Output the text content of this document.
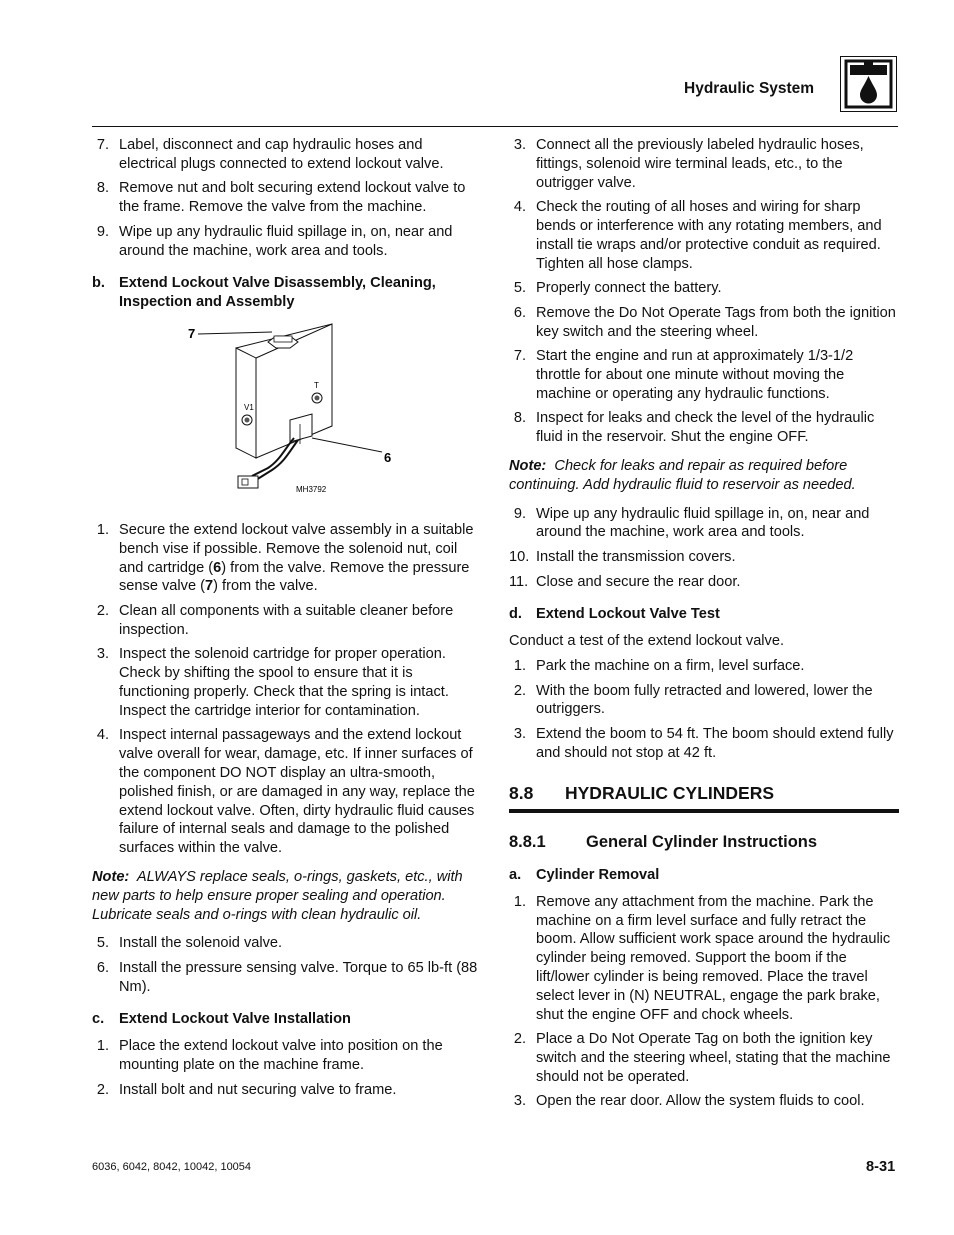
Hydraulic System
7. Label, disconnect and cap hydraulic hoses and electrical plugs connected to extend lockout valve.
8. Remove nut and bolt securing extend lockout valve to the frame. Remove the valve from the machine.
9. Wipe up any hydraulic fluid spillage in, on, near and around the machine, work area and tools.
b. Extend Lockout Valve Disassembly, Cleaning, Inspection and Assembly
7
6
V1
T
MH3792
1. Secure the extend lockout valve assembly in a suitable bench vise if possible. Remove the solenoid nut, coil and cartridge (6) from the valve. Remove the pressure sense valve (7) from the valve.
2. Clean all components with a suitable cleaner before inspection.
3. Inspect the solenoid cartridge for proper operation. Check by shifting the spool to ensure that it is functioning properly. Check that the spring is intact. Inspect the cartridge interior for contamination.
4. Inspect internal passageways and the extend lockout valve overall for wear, damage, etc. If inner surfaces of the component DO NOT display an ultra-smooth, polished finish, or are damaged in any way, replace the extend lockout valve. Often, dirty hydraulic fluid causes failure of internal seals and damage to the polished surfaces within the valve.
Note: ALWAYS replace seals, o-rings, gaskets, etc., with new parts to help ensure proper sealing and operation. Lubricate seals and o-rings with clean hydraulic oil.
5. Install the solenoid valve.
6. Install the pressure sensing valve. Torque to 65 lb-ft (88 Nm).
c. Extend Lockout Valve Installation
1. Place the extend lockout valve into position on the mounting plate on the machine frame.
2. Install bolt and nut securing valve to frame.
3. Connect all the previously labeled hydraulic hoses, fittings, solenoid wire terminal leads, etc., to the outrigger valve.
4. Check the routing of all hoses and wiring for sharp bends or interference with any rotating members, and install tie wraps and/or protective conduit as required. Tighten all hose clamps.
5. Properly connect the battery.
6. Remove the Do Not Operate Tags from both the ignition key switch and the steering wheel.
7. Start the engine and run at approximately 1/3-1/2 throttle for about one minute without moving the machine or operating any hydraulic functions.
8. Inspect for leaks and check the level of the hydraulic fluid in the reservoir. Shut the engine OFF.
Note: Check for leaks and repair as required before continuing. Add hydraulic fluid to reservoir as needed.
9. Wipe up any hydraulic fluid spillage in, on, near and around the machine, work area and tools.
10. Install the transmission covers.
11. Close and secure the rear door.
d. Extend Lockout Valve Test
Conduct a test of the extend lockout valve.
1. Park the machine on a firm, level surface.
2. With the boom fully retracted and lowered, lower the outriggers.
3. Extend the boom to 54 ft. The boom should extend fully and should not stop at 42 ft.
8.8 HYDRAULIC CYLINDERS
8.8.1 General Cylinder Instructions
a. Cylinder Removal
1. Remove any attachment from the machine. Park the machine on a firm level surface and fully retract the boom. Allow sufficient work space around the hydraulic cylinder being removed. Support the boom if the lift/lower cylinder is being removed. Place the travel select lever in (N) NEUTRAL, engage the park brake, shut the engine OFF and chock wheels.
2. Place a Do Not Operate Tag on both the ignition key switch and the steering wheel, stating that the machine should not be operated.
3. Open the rear door. Allow the system fluids to cool.
6036, 6042, 8042, 10042, 10054	8-31
